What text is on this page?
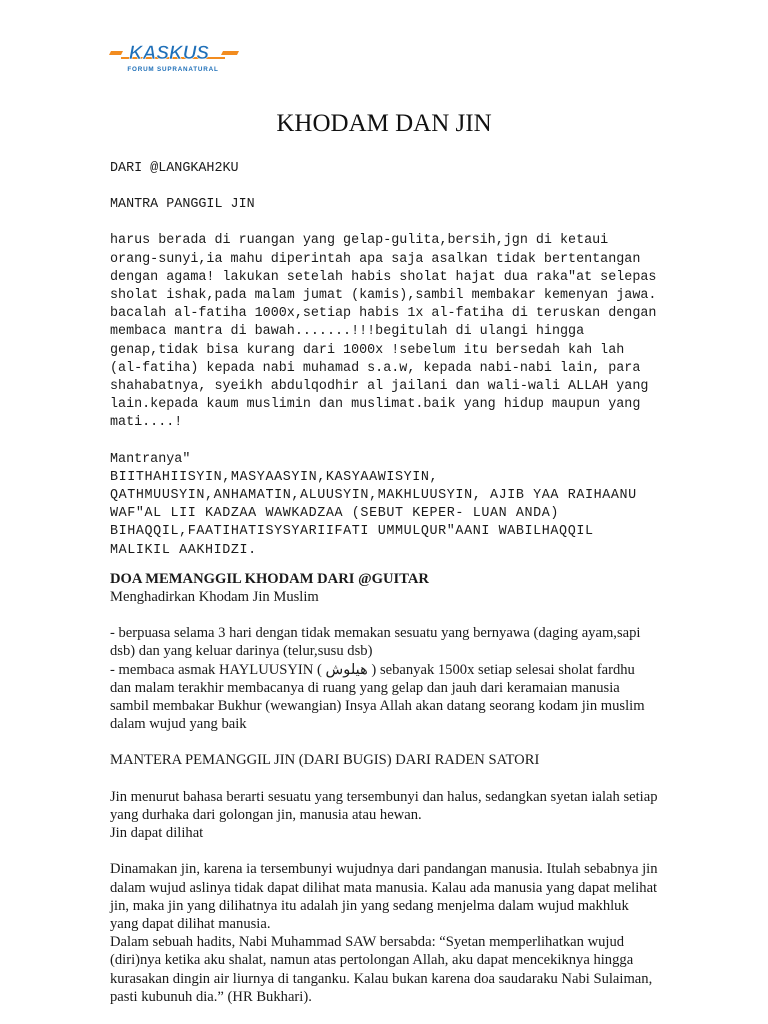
KASKUS
FORUM SUPRANATURAL
KHODAM DAN JIN

DARI @LANGKAH2KU

MANTRA PANGGIL JIN

harus berada di ruangan yang gelap-gulita,bersih,jgn di ketaui orang-sunyi,ia mahu diperintah apa saja asalkan tidak bertentangan dengan agama! lakukan setelah habis sholat hajat dua raka"at selepas sholat ishak,pada malam jumat (kamis),sambil membakar kemenyan jawa. bacalah al-fatiha 1000x,setiap habis 1x al-fatiha di teruskan dengan membaca mantra di bawah.......!!!begitulah di ulangi hingga genap,tidak bisa kurang dari 1000x !sebelum itu bersedah kah lah (al-fatiha) kepada nabi muhamad s.a.w, kepada nabi-nabi lain, para shahabatnya, syeikh abdulqodhir al jailani dan wali-wali ALLAH yang lain.kepada kaum muslimin dan muslimat.baik yang hidup maupun yang mati....!

Mantranya"

BIITHAHIISYIN,MASYAASYIN,KASYAAWISYIN, QATHMUUSYIN,ANHAMATIN,ALUUSYIN,MAKHLUUSYIN, AJIB YAA RAIHAANU WAF"AL LII KADZAA WAWKADZAA (SEBUT KEPER- LUAN ANDA) BIHAQQIL,FAATIHATISYSYARIIFATI UMMULQUR"AANI WABILHAQQIL MALIKIL AAKHIDZI.

DOA MEMANGGIL KHODAM DARI @GUITAR

Menghadirkan Khodam Jin Muslim

- berpuasa selama 3 hari dengan tidak memakan sesuatu yang bernyawa (daging ayam,sapi dsb) dan yang keluar darinya (telur,susu dsb)

- membaca asmak HAYLUUSYIN ( هيلوش ) sebanyak 1500x setiap selesai sholat fardhu dan malam terakhir membacanya di ruang yang gelap dan jauh dari keramaian manusia sambil membakar Bukhur (wewangian) Insya Allah akan datang seorang kodam jin muslim dalam wujud yang baik

MANTERA PEMANGGIL JIN (DARI BUGIS) DARI RADEN SATORI

Jin menurut bahasa berarti sesuatu yang tersembunyi dan halus, sedangkan syetan ialah setiap yang durhaka dari golongan jin, manusia atau hewan.

Jin dapat dilihat

Dinamakan jin, karena ia tersembunyi wujudnya dari pandangan manusia. Itulah sebabnya jin dalam wujud aslinya tidak dapat dilihat mata manusia. Kalau ada manusia yang dapat melihat jin, maka jin yang dilihatnya itu adalah jin yang sedang menjelma dalam wujud makhluk yang dapat dilihat manusia.

Dalam sebuah hadits, Nabi Muhammad SAW bersabda: “Syetan memperlihatkan wujud (diri)nya ketika aku shalat, namun atas pertolongan Allah, aku dapat mencekiknya hingga kurasakan dingin air liurnya di tanganku. Kalau bukan karena doa saudaraku Nabi Sulaiman, pasti kubunuh dia.” (HR Bukhari).
